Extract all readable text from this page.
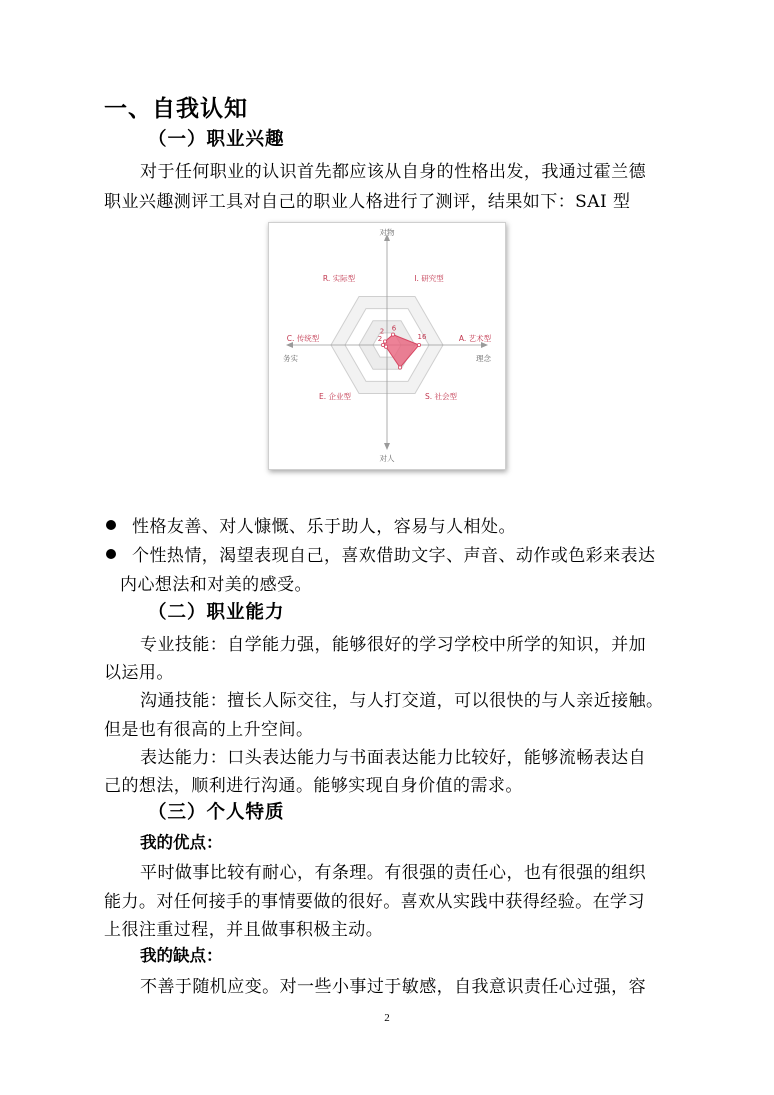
一、自我认知
（一）职业兴趣
对于任何职业的认识首先都应该从自身的性格出发，我通过霍兰德
职业兴趣测评工具对自己的职业人格进行了测评，结果如下：SAI 型
6
16
2
2
I. 研究型
A. 艺术型
S. 社会型
E. 企业型
C. 传统型
R. 实际型
对物
对人
务实	理念
性格友善、对人慷慨、乐于助人，容易与人相处。
个性热情，渴望表现自己，喜欢借助文字、声音、动作或色彩来表达
内心想法和对美的感受。
（二）职业能力
专业技能：自学能力强，能够很好的学习学校中所学的知识，并加
以运用。
沟通技能：擅长人际交往，与人打交道，可以很快的与人亲近接触。
但是也有很高的上升空间。
表达能力：口头表达能力与书面表达能力比较好，能够流畅表达自
己的想法，顺利进行沟通。能够实现自身价值的需求。
（三）个人特质
我的优点：
平时做事比较有耐心，有条理。有很强的责任心，也有很强的组织
能力。对任何接手的事情要做的很好。喜欢从实践中获得经验。在学习
上很注重过程，并且做事积极主动。
我的缺点：
不善于随机应变。对一些小事过于敏感，自我意识责任心过强，容
2
